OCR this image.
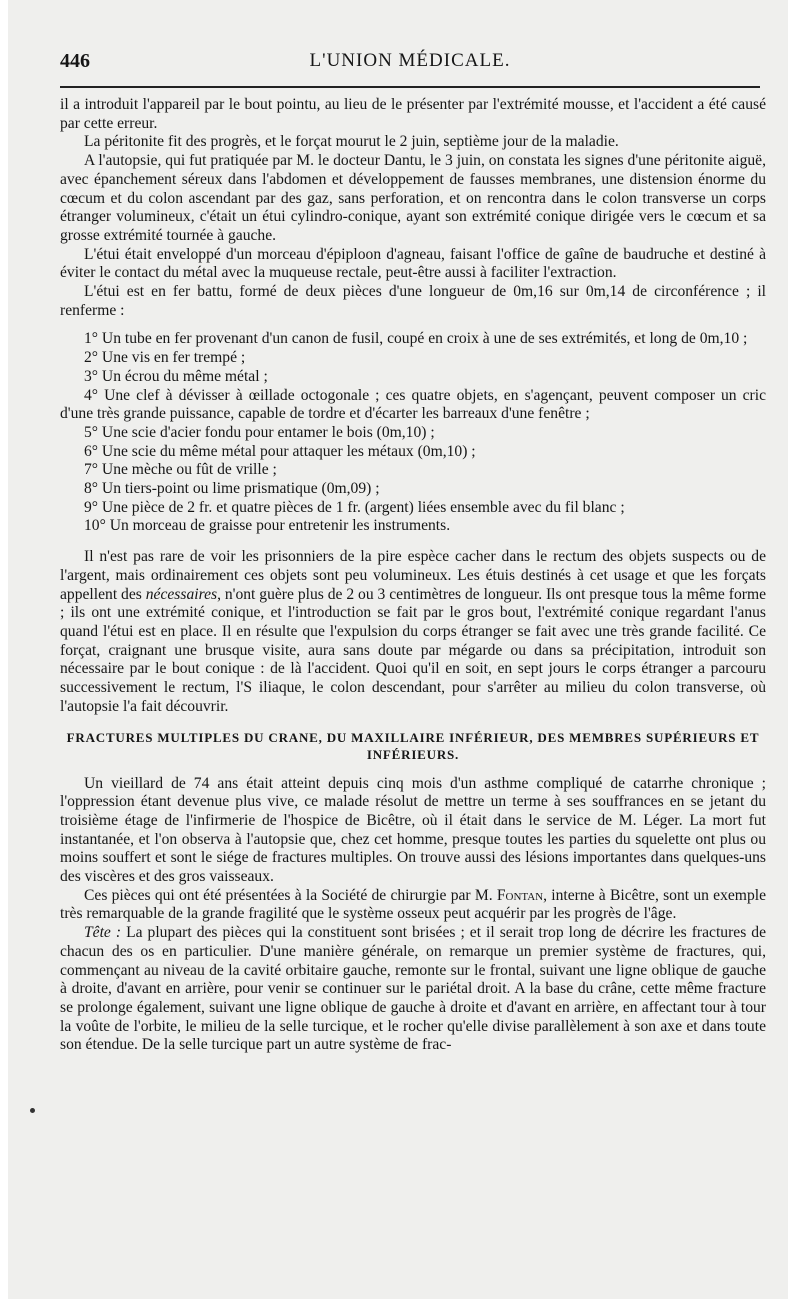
446	L'UNION MÉDICALE.

il a introduit l'appareil par le bout pointu, au lieu de le présenter par l'extrémité mousse, et l'accident a été causé par cette erreur.

La péritonite fit des progrès, et le forçat mourut le 2 juin, septième jour de la maladie.

A l'autopsie, qui fut pratiquée par M. le docteur Dantu, le 3 juin, on constata les signes d'une péritonite aiguë, avec épanchement séreux dans l'abdomen et développement de fausses membranes, une distension énorme du cœcum et du colon ascendant par des gaz, sans perforation, et on rencontra dans le colon transverse un corps étranger volumineux, c'était un étui cylindro-conique, ayant son extrémité conique dirigée vers le cœcum et sa grosse extrémité tournée à gauche.

L'étui était enveloppé d'un morceau d'épiploon d'agneau, faisant l'office de gaîne de baudruche et destiné à éviter le contact du métal avec la muqueuse rectale, peut-être aussi à faciliter l'extraction.

L'étui est en fer battu, formé de deux pièces d'une longueur de 0m,16 sur 0m,14 de circonférence ; il renferme :

1° Un tube en fer provenant d'un canon de fusil, coupé en croix à une de ses extrémités, et long de 0m,10 ;

2° Une vis en fer trempé ;

3° Un écrou du même métal ;

4° Une clef à dévisser à œillade octogonale ; ces quatre objets, en s'agençant, peuvent composer un cric d'une très grande puissance, capable de tordre et d'écarter les barreaux d'une fenêtre ;

5° Une scie d'acier fondu pour entamer le bois (0m,10) ;

6° Une scie du même métal pour attaquer les métaux (0m,10) ;

7° Une mèche ou fût de vrille ;

8° Un tiers-point ou lime prismatique (0m,09) ;

9° Une pièce de 2 fr. et quatre pièces de 1 fr. (argent) liées ensemble avec du fil blanc ;

10° Un morceau de graisse pour entretenir les instruments.

Il n'est pas rare de voir les prisonniers de la pire espèce cacher dans le rectum des objets suspects ou de l'argent, mais ordinairement ces objets sont peu volumineux. Les étuis destinés à cet usage et que les forçats appellent des nécessaires, n'ont guère plus de 2 ou 3 centimètres de longueur. Ils ont presque tous la même forme ; ils ont une extrémité conique, et l'introduction se fait par le gros bout, l'extrémité conique regardant l'anus quand l'étui est en place. Il en résulte que l'expulsion du corps étranger se fait avec une très grande facilité. Ce forçat, craignant une brusque visite, aura sans doute par mégarde ou dans sa précipitation, introduit son nécessaire par le bout conique : de là l'accident. Quoi qu'il en soit, en sept jours le corps étranger a parcouru successivement le rectum, l'S iliaque, le colon descendant, pour s'arrêter au milieu du colon transverse, où l'autopsie l'a fait découvrir.

FRACTURES MULTIPLES DU CRANE, DU MAXILLAIRE INFÉRIEUR, DES MEMBRES SUPÉRIEURS ET INFÉRIEURS.

Un vieillard de 74 ans était atteint depuis cinq mois d'un asthme compliqué de catarrhe chronique ; l'oppression étant devenue plus vive, ce malade résolut de mettre un terme à ses souffrances en se jetant du troisième étage de l'infirmerie de l'hospice de Bicêtre, où il était dans le service de M. Léger. La mort fut instantanée, et l'on observa à l'autopsie que, chez cet homme, presque toutes les parties du squelette ont plus ou moins souffert et sont le siége de fractures multiples. On trouve aussi des lésions importantes dans quelques-uns des viscères et des gros vaisseaux.

Ces pièces qui ont été présentées à la Société de chirurgie par M. Fontan, interne à Bicêtre, sont un exemple très remarquable de la grande fragilité que le système osseux peut acquérir par les progrès de l'âge.

Tête : La plupart des pièces qui la constituent sont brisées ; et il serait trop long de décrire les fractures de chacun des os en particulier. D'une manière générale, on remarque un premier système de fractures, qui, commençant au niveau de la cavité orbitaire gauche, remonte sur le frontal, suivant une ligne oblique de gauche à droite, d'avant en arrière, pour venir se continuer sur le pariétal droit. A la base du crâne, cette même fracture se prolonge également, suivant une ligne oblique de gauche à droite et d'avant en arrière, en affectant tour à tour la voûte de l'orbite, le milieu de la selle turcique, et le rocher qu'elle divise parallèlement à son axe et dans toute son étendue. De la selle turcique part un autre système de frac-
